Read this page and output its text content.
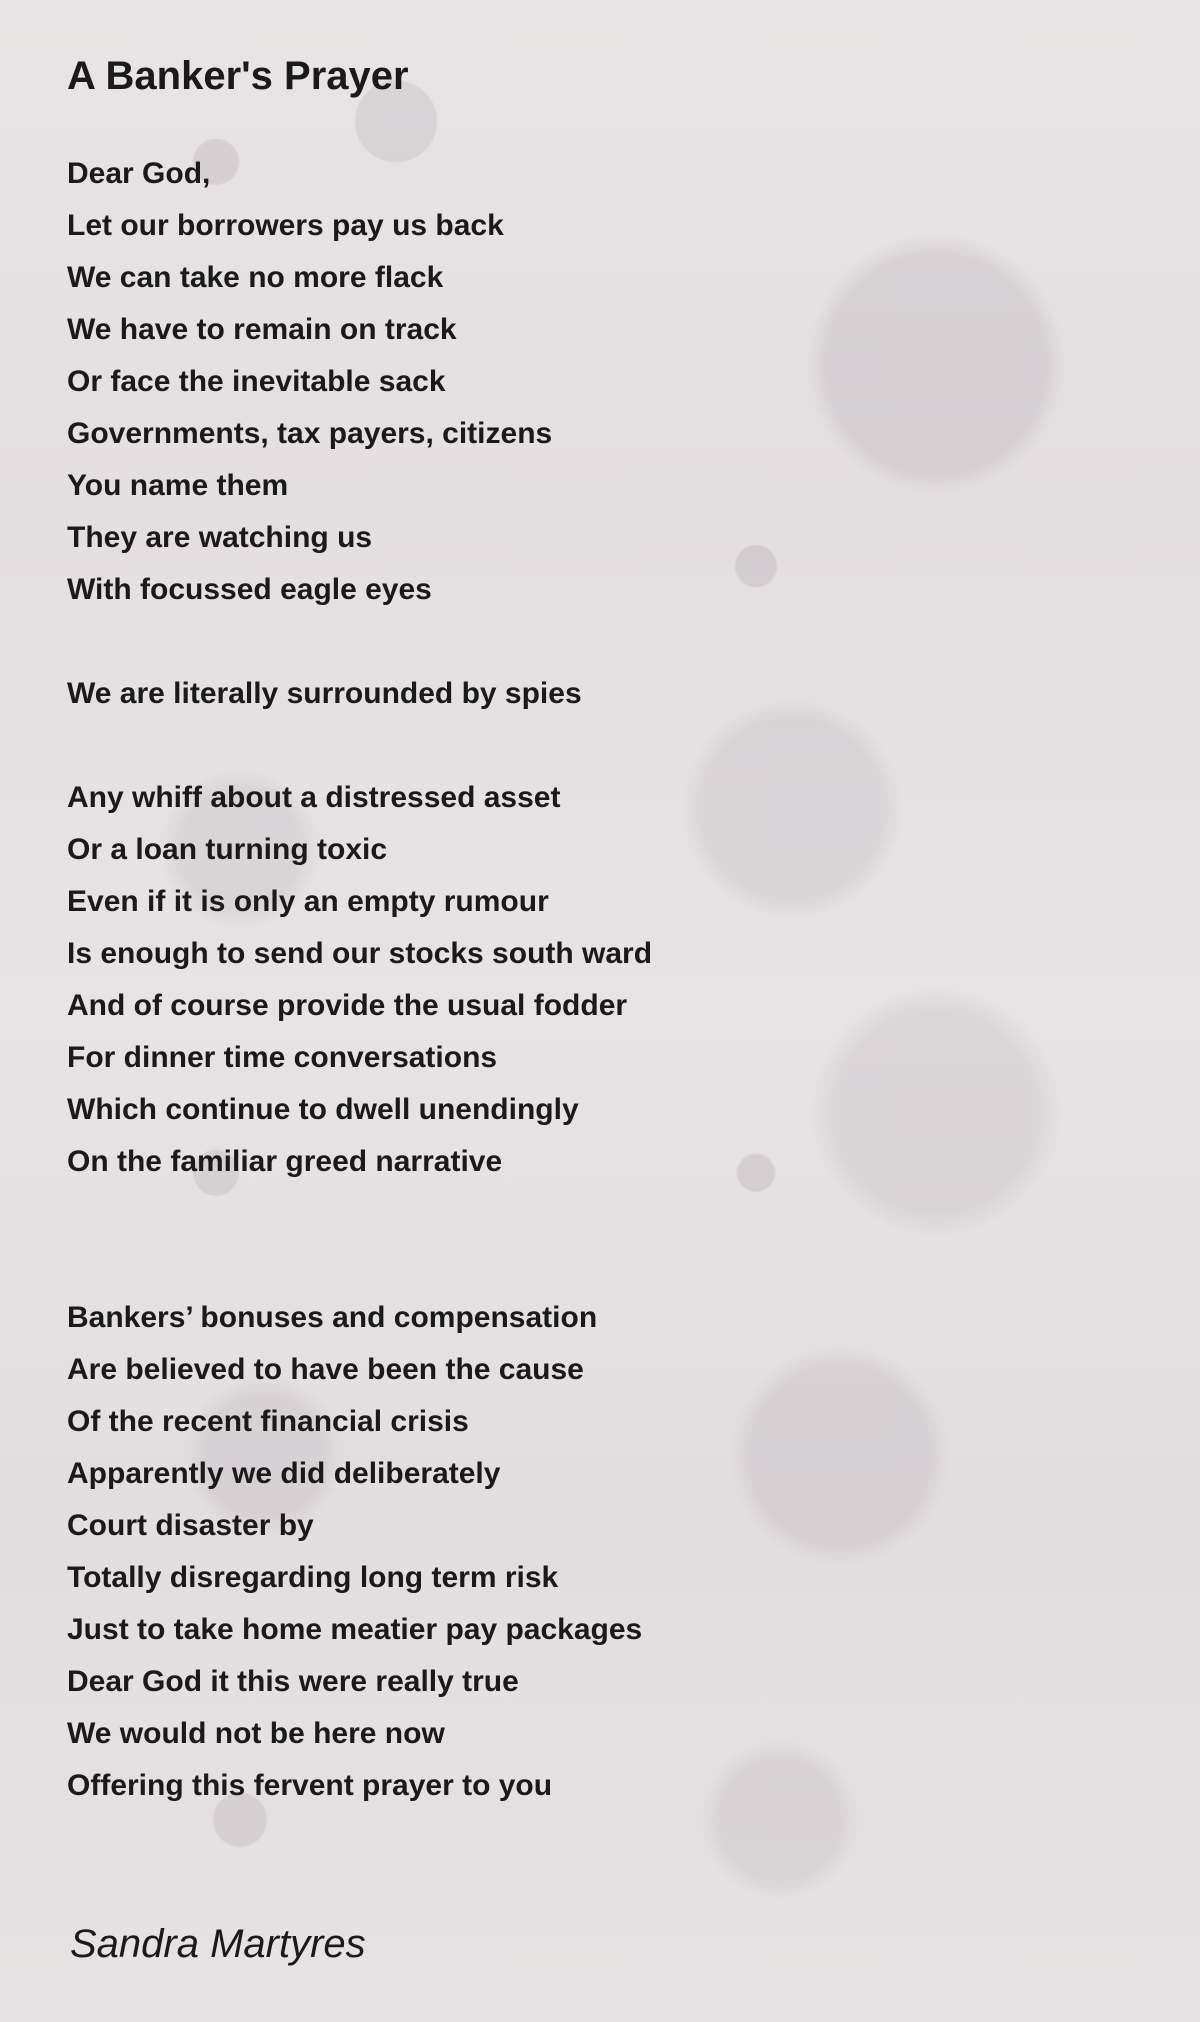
A Banker's Prayer
Dear God,
Let our borrowers pay us back
We can take no more flack
We have to remain on track
Or face the inevitable sack
Governments, tax payers, citizens
You name them
They are watching us
With focussed eagle eyes
We are literally surrounded by spies
Any whiff about a distressed asset
Or a loan turning toxic
Even if it is only an empty rumour
Is enough to send our stocks south ward
And of course provide the usual fodder
For dinner time conversations
Which continue to dwell unendingly
On the familiar greed narrative
Bankers’ bonuses and compensation
Are believed to have been the cause
Of the recent financial crisis
Apparently we did deliberately
Court disaster by
Totally disregarding long term risk
Just to take home meatier pay packages
Dear God it this were really true
We would not be here now
Offering this fervent prayer to you

Sandra Martyres
